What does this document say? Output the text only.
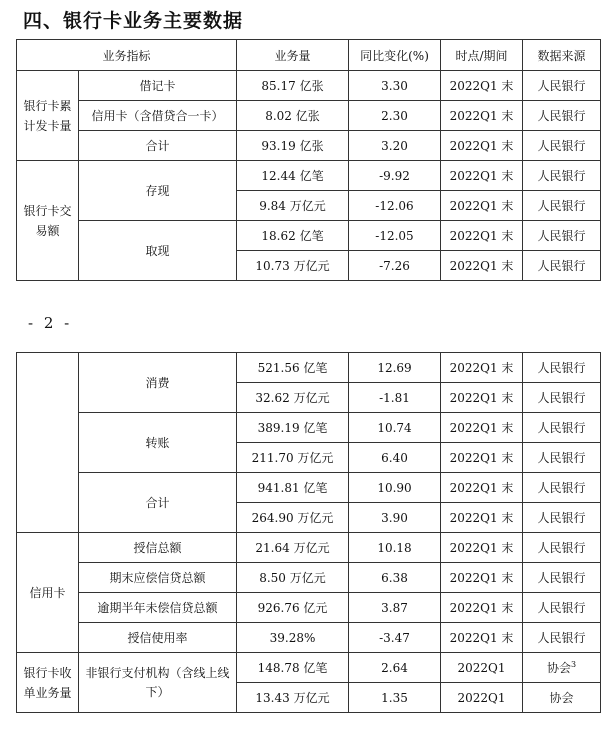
四、银行卡业务主要数据
业务指标		业务量	同比变化(%)	时点/期间	数据来源
银行卡累计发卡量	借记卡	85.17 亿张	3.30	2022Q1 末	人民银行
	信用卡（含借贷合一卡）	8.02 亿张	2.30	2022Q1 末	人民银行
	合计	93.19 亿张	3.20	2022Q1 末	人民银行
银行卡交易额	存现	12.44 亿笔	-9.92	2022Q1 末	人民银行
		9.84 万亿元	-12.06	2022Q1 末	人民银行
	取现	18.62 亿笔	-12.05	2022Q1 末	人民银行
		10.73 万亿元	-7.26	2022Q1 末	人民银行
- 2 -
	消费	521.56 亿笔	12.69	2022Q1 末	人民银行
		32.62 万亿元	-1.81	2022Q1 末	人民银行
	转账	389.19 亿笔	10.74	2022Q1 末	人民银行
		211.70 万亿元	6.40	2022Q1 末	人民银行
	合计	941.81 亿笔	10.90	2022Q1 末	人民银行
		264.90 万亿元	3.90	2022Q1 末	人民银行
信用卡	授信总额	21.64 万亿元	10.18	2022Q1 末	人民银行
	期末应偿信贷总额	8.50 万亿元	6.38	2022Q1 末	人民银行
	逾期半年未偿信贷总额	926.76 亿元	3.87	2022Q1 末	人民银行
	授信使用率	39.28%	-3.47	2022Q1 末	人民银行
银行卡收单业务量	非银行支付机构（含线上线下）	148.78 亿笔	2.64	2022Q1	协会$^3$
		13.43 万亿元	1.35	2022Q1	协会
